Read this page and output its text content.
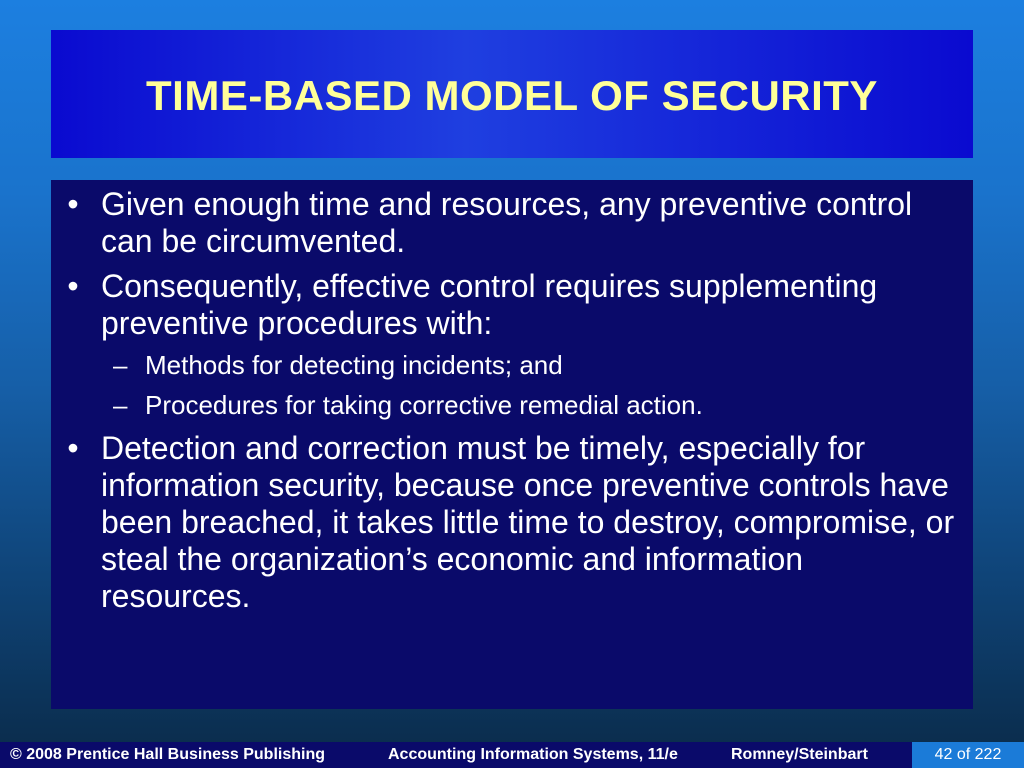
TIME-BASED MODEL OF SECURITY
• Given enough time and resources, any preventive control can be circumvented.
• Consequently, effective control requires supplementing preventive procedures with:
– Methods for detecting incidents; and
– Procedures for taking corrective remedial action.
• Detection and correction must be timely, especially for information security, because once preventive controls have been breached, it takes little time to destroy, compromise, or steal the organization’s economic and information resources.
© 2008 Prentice Hall Business Publishing	Accounting Information Systems, 11/e	Romney/Steinbart	42 of 222
